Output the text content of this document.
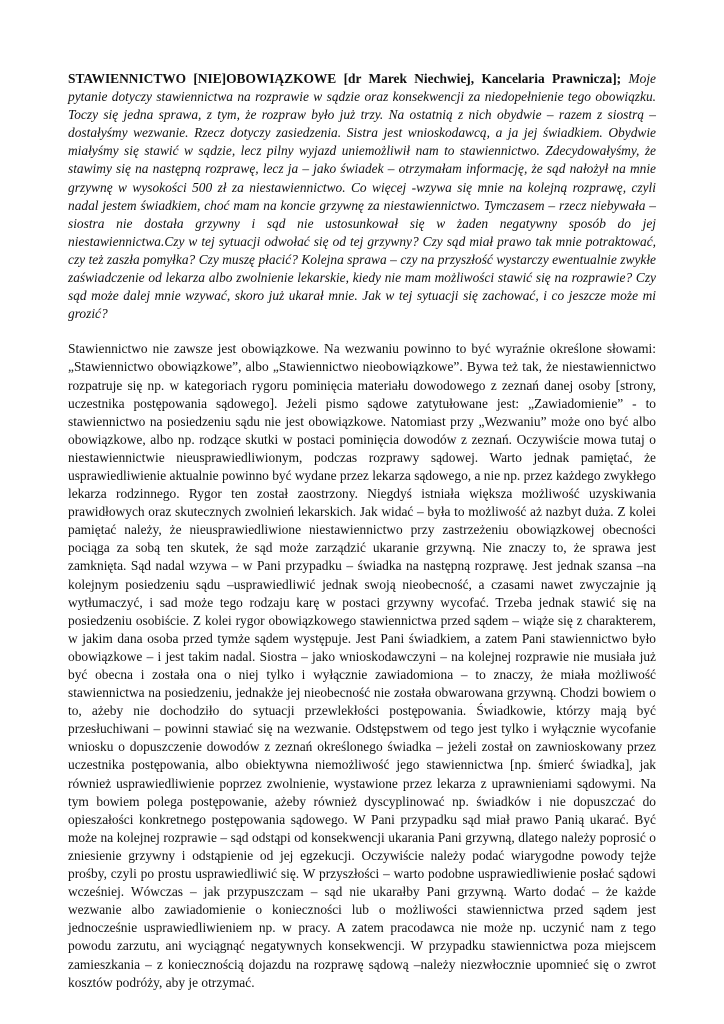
STAWIENNICTWO [NIE]OBOWIĄZKOWE [dr Marek Niechwiej, Kancelaria Prawnicza]; Moje pytanie dotyczy stawiennictwa na rozprawie w sądzie oraz konsekwencji za niedopełnienie tego obowiązku. Toczy się jedna sprawa, z tym, że rozpraw było już trzy. Na ostatnią z nich obydwie – razem z siostrą – dostałyśmy wezwanie. Rzecz dotyczy zasiedzenia. Sistra jest wnioskodawcą, a ja jej świadkiem. Obydwie miałyśmy się stawić w sądzie, lecz pilny wyjazd uniemożliwił nam to stawiennictwo. Zdecydowałyśmy, że stawimy się na następną rozprawę, lecz ja – jako świadek – otrzymałam informację, że sąd nałożył na mnie grzywnę w wysokości 500 zł za niestawiennictwo. Co więcej -wzywa się mnie na kolejną rozprawę, czyli nadal jestem świadkiem, choć mam na koncie grzywnę za niestawiennictwo. Tymczasem – rzecz niebywała – siostra nie dostała grzywny i sąd nie ustosunkował się w żaden negatywny sposób do jej niestawiennictwa.Czy w tej sytuacji odwołać się od tej grzywny? Czy sąd miał prawo tak mnie potraktować, czy też zaszła pomyłka? Czy muszę płacić? Kolejna sprawa – czy na przyszłość wystarczy ewentualnie zwykłe zaświadczenie od lekarza albo zwolnienie lekarskie, kiedy nie mam możliwości stawić się na rozprawie? Czy sąd może dalej mnie wzywać, skoro już ukarał mnie. Jak w tej sytuacji się zachować, i co jeszcze może mi grozić?

Stawiennictwo nie zawsze jest obowiązkowe. Na wezwaniu powinno to być wyraźnie określone słowami: „Stawiennictwo obowiązkowe”, albo „Stawiennictwo nieobowiązkowe”. Bywa też tak, że niestawiennictwo rozpatruje się np. w kategoriach rygoru pominięcia materiału dowodowego z zeznań danej osoby [strony, uczestnika postępowania sądowego]. Jeżeli pismo sądowe zatytułowane jest: „Zawiadomienie” - to stawiennictwo na posiedzeniu sądu nie jest obowiązkowe. Natomiast przy „Wezwaniu” może ono być albo obowiązkowe, albo np. rodzące skutki w postaci pominięcia dowodów z zeznań. Oczywiście mowa tutaj o niestawiennictwie nieusprawiedliwionym, podczas rozprawy sądowej. Warto jednak pamiętać, że usprawiedliwienie aktualnie powinno być wydane przez lekarza sądowego, a nie np. przez każdego zwykłego lekarza rodzinnego. Rygor ten został zaostrzony. Niegdyś istniała większa możliwość uzyskiwania prawidłowych oraz skutecznych zwolnień lekarskich. Jak widać – była to możliwość aż nazbyt duża. Z kolei pamiętać należy, że nieusprawiedliwione niestawiennictwo przy zastrzeżeniu obowiązkowej obecności pociąga za sobą ten skutek, że sąd może zarządzić ukaranie grzywną. Nie znaczy to, że sprawa jest zamknięta. Sąd nadal wzywa – w Pani przypadku – świadka na następną rozprawę. Jest jednak szansa –na kolejnym posiedzeniu sądu –usprawiedliwić jednak swoją nieobecność, a czasami nawet zwyczajnie ją wytłumaczyć, i sad może tego rodzaju karę w postaci grzywny wycofać. Trzeba jednak stawić się na posiedzeniu osobiście. Z kolei rygor obowiązkowego stawiennictwa przed sądem – wiąże się z charakterem, w jakim dana osoba przed tymże sądem występuje. Jest Pani świadkiem, a zatem Pani stawiennictwo było obowiązkowe – i jest takim nadal. Siostra – jako wnioskodawczyni – na kolejnej rozprawie nie musiała już być obecna i została ona o niej tylko i wyłącznie zawiadomiona – to znaczy, że miała możliwość stawiennictwa na posiedzeniu, jednakże jej nieobecność nie została obwarowana grzywną. Chodzi bowiem o to, ażeby nie dochodziło do sytuacji przewlekłości postępowania. Świadkowie, którzy mają być przesłuchiwani – powinni stawiać się na wezwanie. Odstępstwem od tego jest tylko i wyłącznie wycofanie wniosku o dopuszczenie dowodów z zeznań określonego świadka – jeżeli został on zawnioskowany przez uczestnika postępowania, albo obiektywna niemożliwość jego stawiennictwa [np. śmierć świadka], jak również usprawiedliwienie poprzez zwolnienie, wystawione przez lekarza z uprawnieniami sądowymi. Na tym bowiem polega postępowanie, ażeby również dyscyplinować np. świadków i nie dopuszczać do opieszałości konkretnego postępowania sądowego. W Pani przypadku sąd miał prawo Panią ukarać. Być może na kolejnej rozprawie – sąd odstąpi od konsekwencji ukarania Pani grzywną, dlatego należy poprosić o zniesienie grzywny i odstąpienie od jej egzekucji. Oczywiście należy podać wiarygodne powody tejże prośby, czyli po prostu usprawiedliwić się. W przyszłości – warto podobne usprawiedliwienie posłać sądowi wcześniej. Wówczas – jak przypuszczam – sąd nie ukarałby Pani grzywną. Warto dodać – że każde wezwanie albo zawiadomienie o konieczności lub o możliwości stawiennictwa przed sądem jest jednocześnie usprawiedliwieniem np. w pracy. A zatem pracodawca nie może np. uczynić nam z tego powodu zarzutu, ani wyciągnąć negatywnych konsekwencji. W przypadku stawiennictwa poza miejscem zamieszkania – z koniecznością dojazdu na rozprawę sądową –należy niezwłocznie upomnieć się o zwrot kosztów podróży, aby je otrzymać.
